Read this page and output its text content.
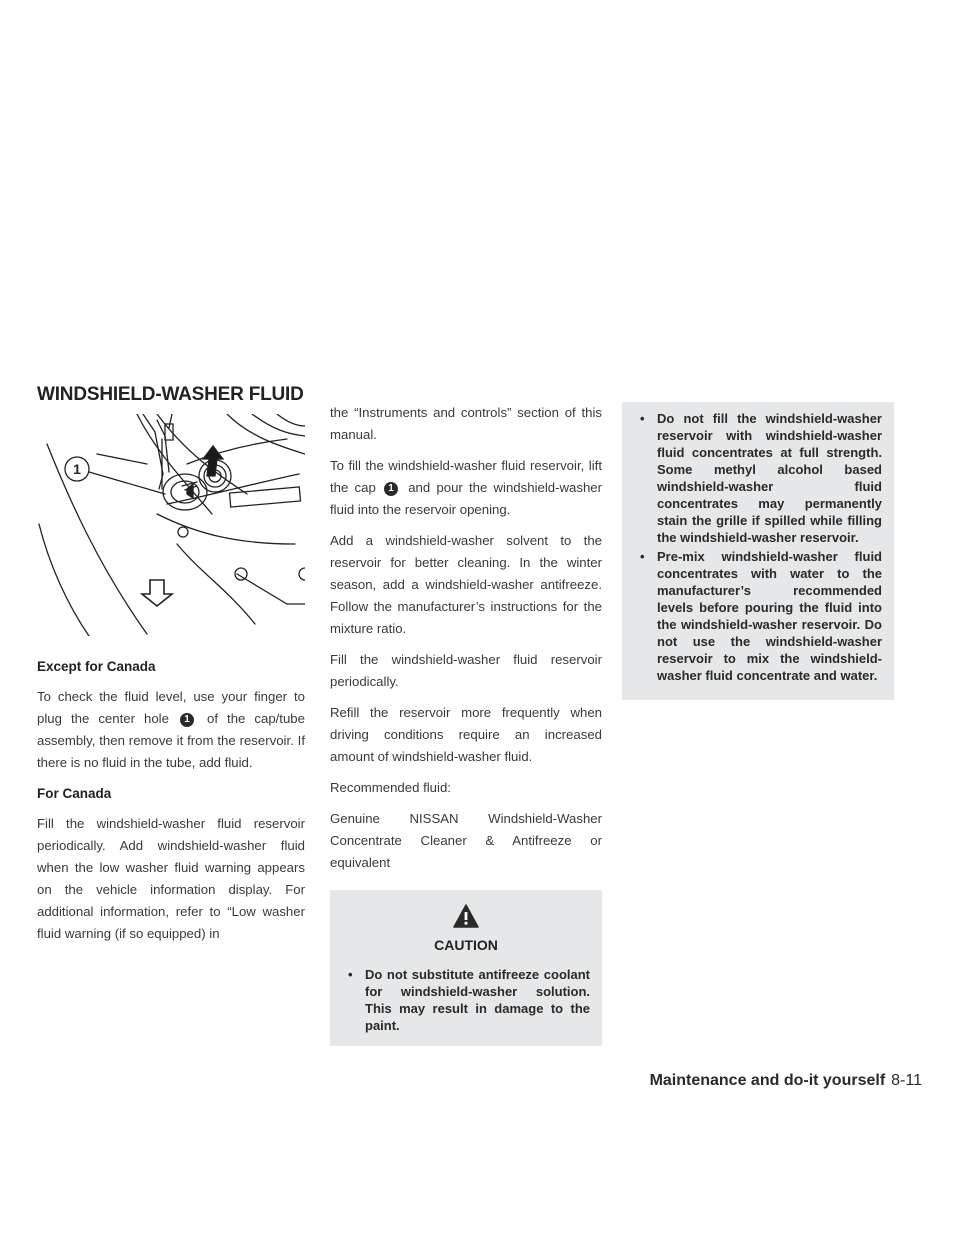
WINDSHIELD-WASHER FLUID
1
Except for Canada

To check the fluid level, use your finger to plug the center hole 1 of the cap/tube assembly, then remove it from the reservoir. If there is no fluid in the tube, add fluid.

For Canada

Fill the windshield-washer fluid reservoir periodically. Add windshield-washer fluid when the low washer fluid warning appears on the vehicle information display. For additional information, refer to “Low washer fluid warning (if so equipped) in

the “Instruments and controls” section of this manual.

To fill the windshield-washer fluid reservoir, lift the cap 1 and pour the windshield-washer fluid into the reservoir opening.

Add a windshield-washer solvent to the reservoir for better cleaning. In the winter season, add a windshield-washer antifreeze. Follow the manufacturer’s instructions for the mixture ratio.

Fill the windshield-washer fluid reservoir periodically.

Refill the reservoir more frequently when driving conditions require an increased amount of windshield-washer fluid.

Recommended fluid:

Genuine NISSAN Windshield-Washer Concentrate Cleaner & Antifreeze or equivalent

CAUTION
• Do not substitute antifreeze coolant for windshield-washer solution. This may result in damage to the paint.
• Do not fill the windshield-washer reservoir with windshield-washer fluid concentrates at full strength. Some methyl alcohol based windshield-washer fluid concentrates may permanently stain the grille if spilled while filling the windshield-washer reservoir.
• Pre-mix windshield-washer fluid concentrates with water to the manufacturer’s recommended levels before pouring the fluid into the windshield-washer reservoir. Do not use the windshield-washer reservoir to mix the windshield-washer fluid concentrate and water.
Maintenance and do-it yourself 8-11
